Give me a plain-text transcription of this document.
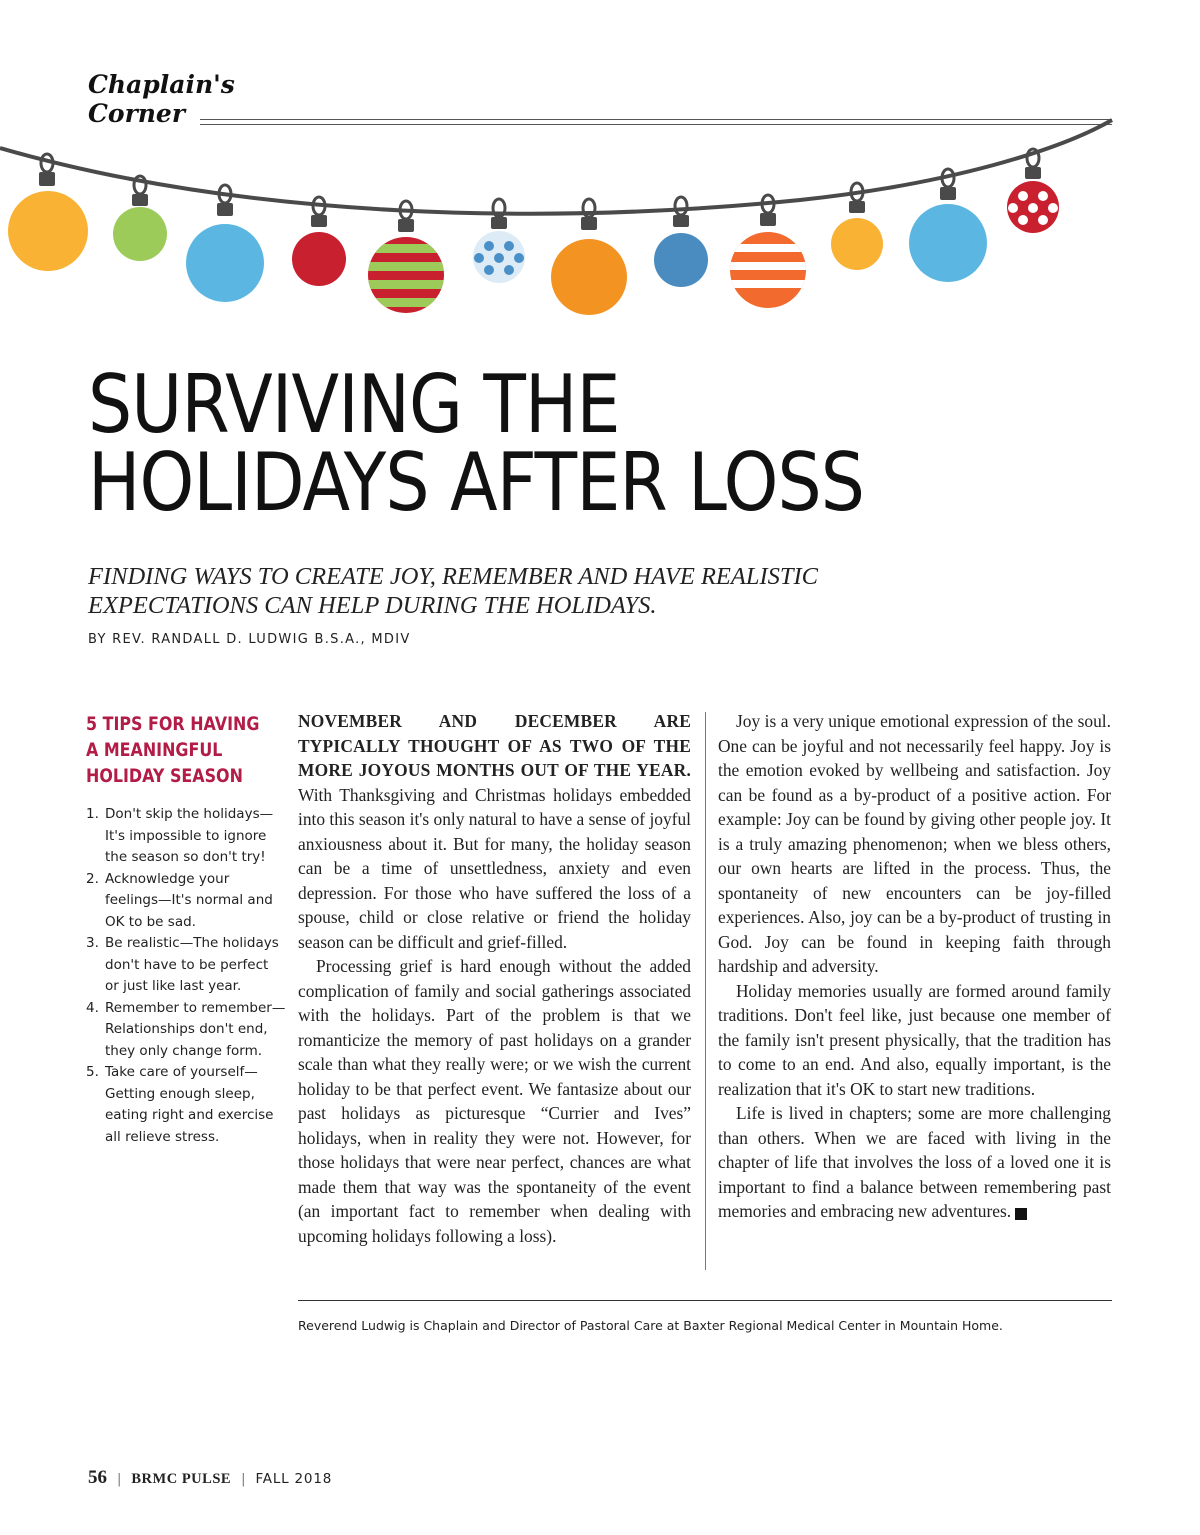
Chaplain's
Corner
SURVIVING THE
HOLIDAYS AFTER LOSS
FINDING WAYS TO CREATE JOY, REMEMBER AND HAVE REALISTIC
EXPECTATIONS CAN HELP DURING THE HOLIDAYS.
BY REV. RANDALL D. LUDWIG B.S.A., MDIV
5 TIPS FOR HAVING
A MEANINGFUL
HOLIDAY SEASON
1. Don't skip the holidays—It's impossible to ignore the season so don't try!
2. Acknowledge your feelings—It's normal and OK to be sad.
3. Be realistic—The holidays don't have to be perfect or just like last year.
4. Remember to remember—Relationships don't end, they only change form.
5. Take care of yourself—Getting enough sleep, eating right and exercise all relieve stress.

NOVEMBER AND DECEMBER ARE TYPICALLY THOUGHT OF AS TWO OF THE MORE JOYOUS MONTHS OUT OF THE YEAR. With Thanksgiving and Christmas holidays embedded into this season it's only natural to have a sense of joyful anxiousness about it. But for many, the holiday season can be a time of unsettledness, anxiety and even depression. For those who have suffered the loss of a spouse, child or close relative or friend the holiday season can be difficult and grief-filled.

Processing grief is hard enough without the added complication of family and social gatherings associated with the holidays. Part of the problem is that we romanticize the memory of past holidays on a grander scale than what they really were; or we wish the current holiday to be that perfect event. We fantasize about our past holidays as picturesque “Currier and Ives” holidays, when in reality they were not. However, for those holidays that were near perfect, chances are what made them that way was the spontaneity of the event (an important fact to remember when dealing with upcoming holidays following a loss).

Joy is a very unique emotional expression of the soul. One can be joyful and not necessarily feel happy. Joy is the emotion evoked by wellbeing and satisfaction. Joy can be found as a by-product of a positive action. For example: Joy can be found by giving other people joy. It is a truly amazing phenomenon; when we bless others, our own hearts are lifted in the process. Thus, the spontaneity of new encounters can be joy-filled experiences. Also, joy can be a by-product of trusting in God. Joy can be found in keeping faith through hardship and adversity.

Holiday memories usually are formed around family traditions. Don't feel like, just because one member of the family isn't present physically, that the tradition has to come to an end. And also, equally important, is the realization that it's OK to start new traditions.

Life is lived in chapters; some are more challenging than others. When we are faced with living in the chapter of life that involves the loss of a loved one it is important to find a balance between remembering past memories and embracing new adventures. P

Reverend Ludwig is Chaplain and Director of Pastoral Care at Baxter Regional Medical Center in Mountain Home.
56 | BRMC PULSE | FALL 2018
